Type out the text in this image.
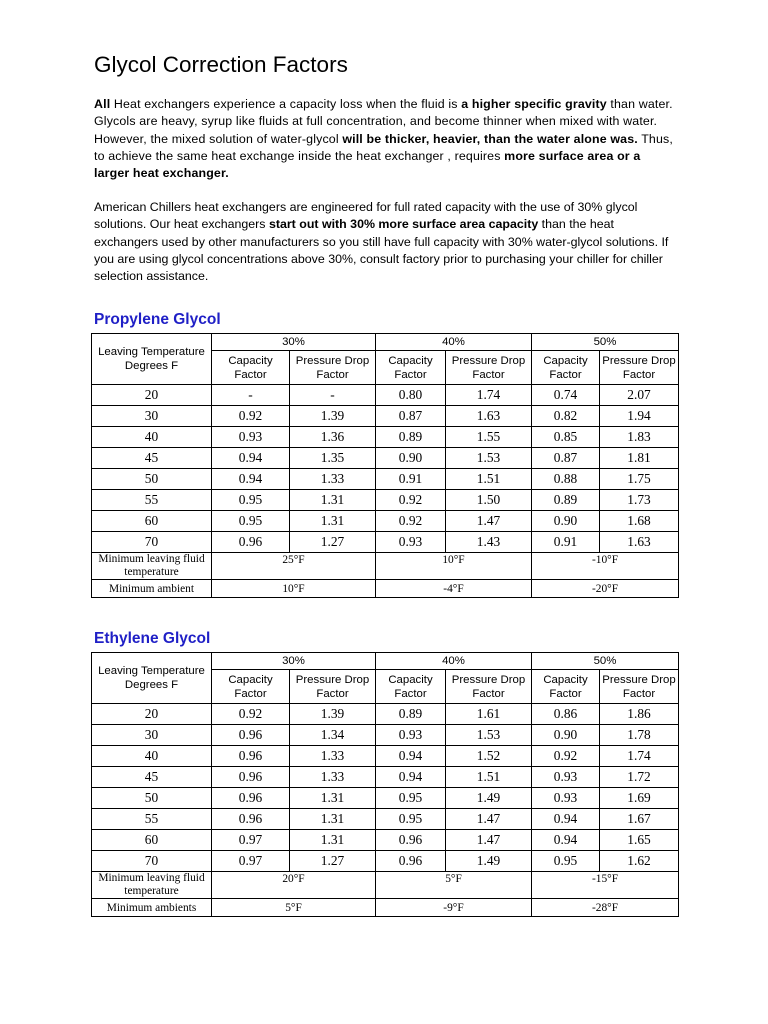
Glycol Correction Factors
All Heat exchangers experience a capacity loss when the fluid is a higher specific gravity than water. Glycols are heavy, syrup like fluids at full concentration, and become thinner when mixed with water. However, the mixed solution of water-glycol will be thicker, heavier, than the water alone was. Thus, to achieve the same heat exchange inside the heat exchanger , requires more surface area or a larger heat exchanger.
American Chillers heat exchangers are engineered for full rated capacity with the use of 30% glycol solutions. Our heat exchangers start out with 30% more surface area capacity than the heat exchangers used by other manufacturers so you still have full capacity with 30% water-glycol solutions. If you are using glycol concentrations above 30%, consult factory prior to purchasing your chiller for chiller selection assistance.
Propylene Glycol
Leaving Temperature Degrees F	30%		40%		50%	
	Capacity Factor	Pressure Drop Factor	Capacity Factor	Pressure Drop Factor	Capacity Factor	Pressure Drop Factor
20	-	-	0.80	1.74	0.74	2.07
30	0.92	1.39	0.87	1.63	0.82	1.94
40	0.93	1.36	0.89	1.55	0.85	1.83
45	0.94	1.35	0.90	1.53	0.87	1.81
50	0.94	1.33	0.91	1.51	0.88	1.75
55	0.95	1.31	0.92	1.50	0.89	1.73
60	0.95	1.31	0.92	1.47	0.90	1.68
70	0.96	1.27	0.93	1.43	0.91	1.63
Minimum leaving fluid temperature	25°F		10°F		-10°F	
Minimum ambient	10°F		-4°F		-20°F	
Ethylene Glycol
Leaving Temperature Degrees F	30%		40%		50%	
	Capacity Factor	Pressure Drop Factor	Capacity Factor	Pressure Drop Factor	Capacity Factor	Pressure Drop Factor
20	0.92	1.39	0.89	1.61	0.86	1.86
30	0.96	1.34	0.93	1.53	0.90	1.78
40	0.96	1.33	0.94	1.52	0.92	1.74
45	0.96	1.33	0.94	1.51	0.93	1.72
50	0.96	1.31	0.95	1.49	0.93	1.69
55	0.96	1.31	0.95	1.47	0.94	1.67
60	0.97	1.31	0.96	1.47	0.94	1.65
70	0.97	1.27	0.96	1.49	0.95	1.62
Minimum leaving fluid temperature	20°F		5°F		-15°F	
Minimum ambients	5°F		-9°F		-28°F	
